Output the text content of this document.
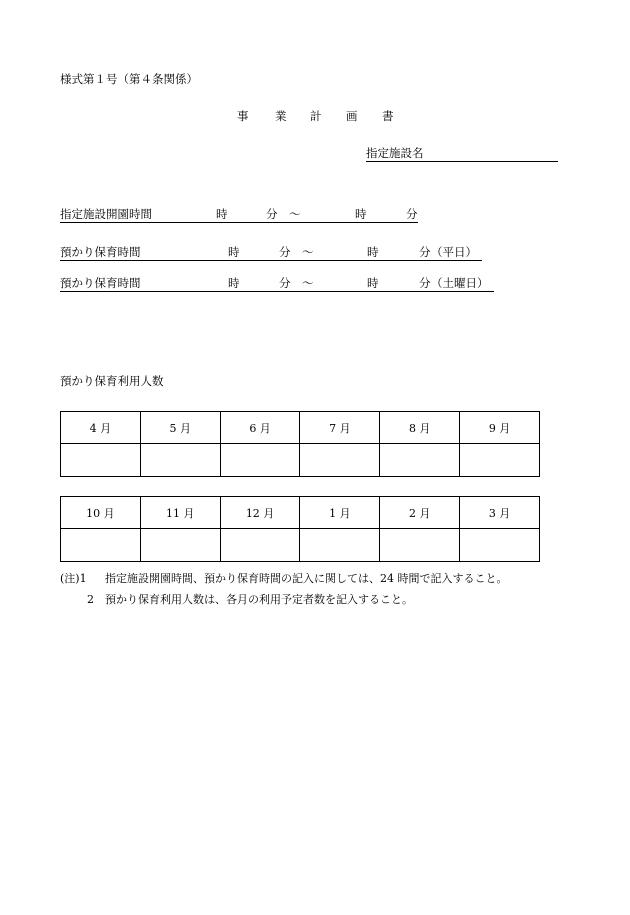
様式第１号（第４条関係）
事 業 計 画 書
指定施設名
指定施設開園時間	時	分 ～	時	分
預かり保育時間	時	分 ～	時	分 （平日）
預かり保育時間	時	分 ～	時	分 （土曜日）
預かり保育利用人数
4 月	5 月	6 月	7 月	8 月	9 月

10 月	11 月	12 月	1 月	2 月	3 月

(注)1 指定施設開園時間、預かり保育時間の記入に関しては、24 時間で記入すること。
2 預かり保育利用人数は、各月の利用予定者数を記入すること。
